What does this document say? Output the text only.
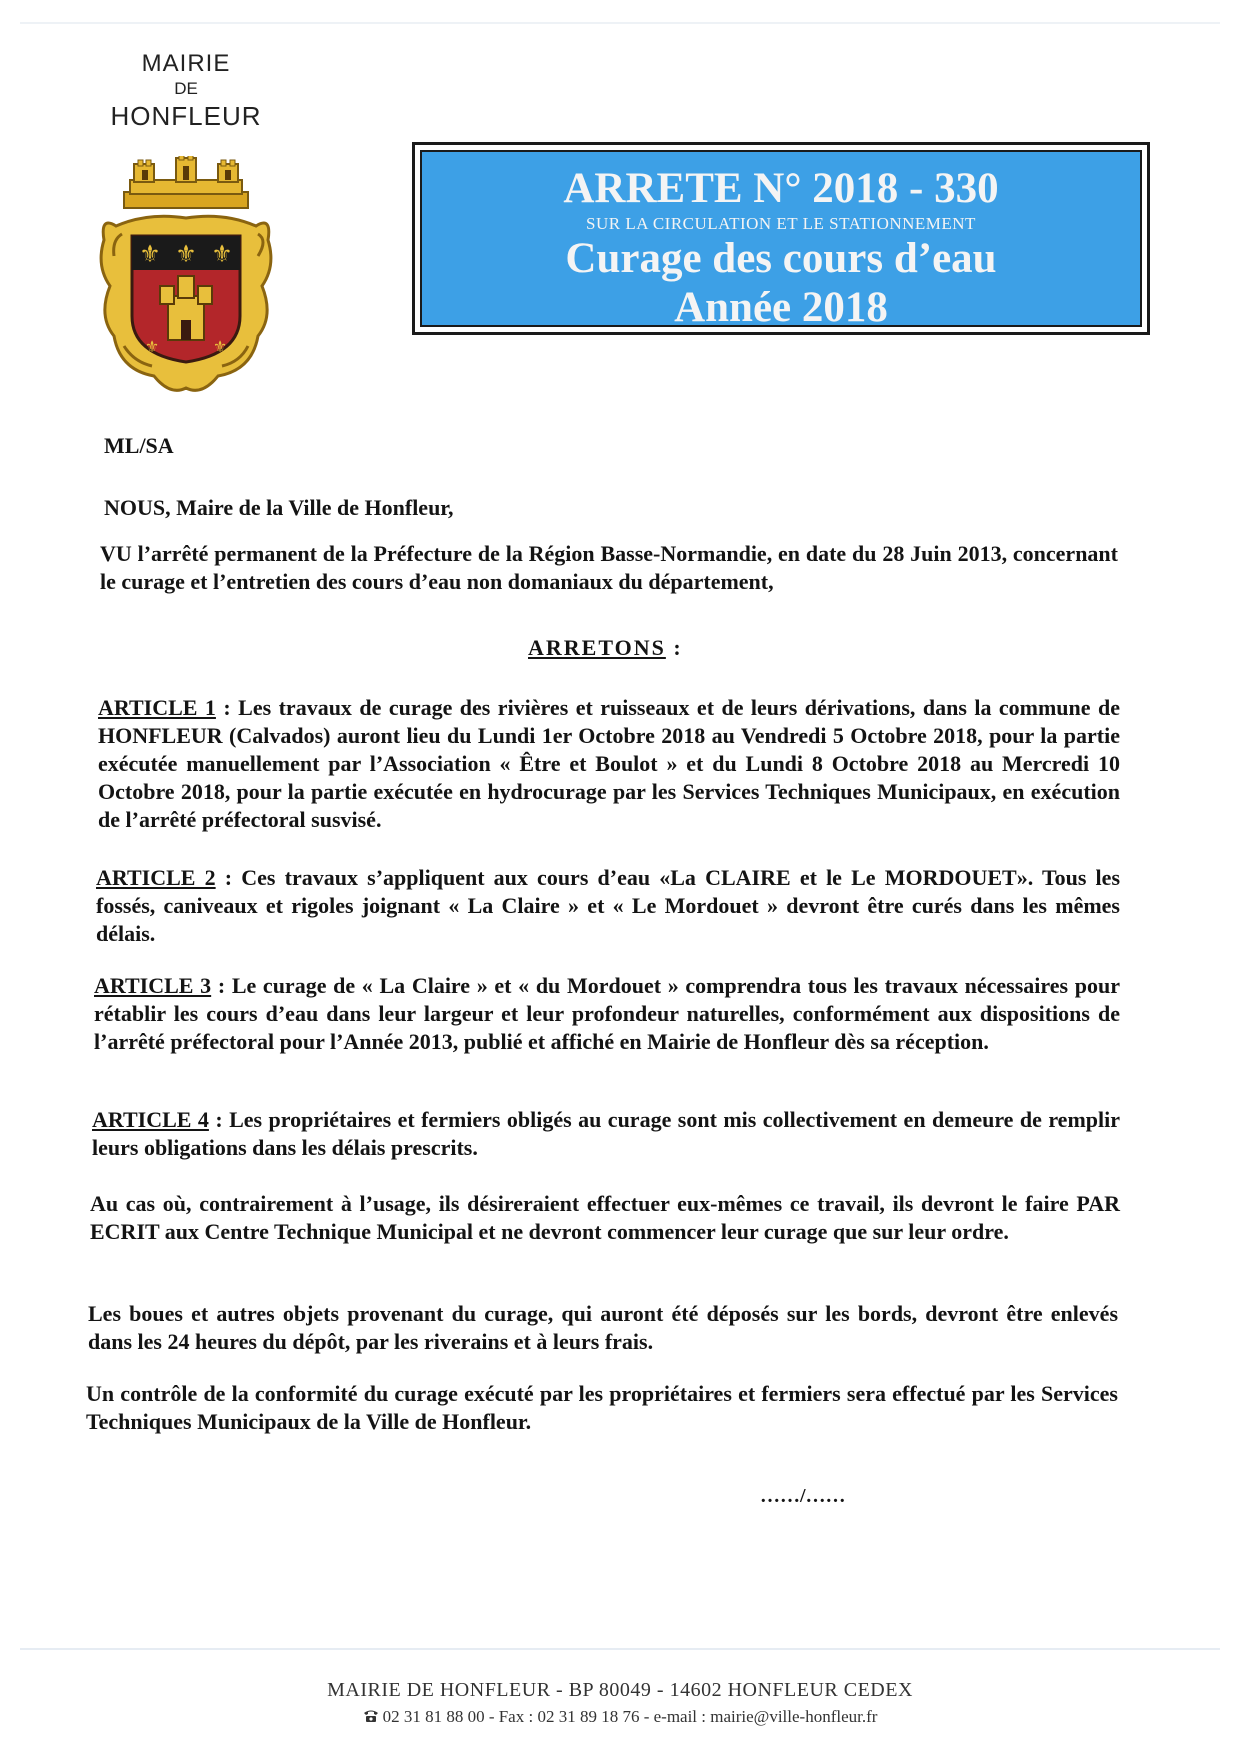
MAIRIE
DE
HONFLEUR
⚜ ⚜ ⚜
⚜	⚜
ARRETE N° 2018 - 330
SUR LA CIRCULATION ET LE STATIONNEMENT
Curage des cours d’eau
Année 2018
ML/SA
NOUS, Maire de la Ville de Honfleur,
VU l’arrêté permanent de la Préfecture de la Région Basse-Normandie, en date du 28 Juin 2013, concernant le curage et l’entretien des cours d’eau non domaniaux du département,
ARRETONS :
ARTICLE 1 : Les travaux de curage des rivières et ruisseaux et de leurs dérivations, dans la commune de HONFLEUR (Calvados) auront lieu du Lundi 1er Octobre 2018 au Vendredi 5 Octobre 2018, pour la partie exécutée manuellement par l’Association « Être et Boulot » et du Lundi 8 Octobre 2018 au Mercredi 10 Octobre 2018, pour la partie exécutée en hydrocurage par les Services Techniques Municipaux, en exécution de l’arrêté préfectoral susvisé.
ARTICLE 2 : Ces travaux s’appliquent aux cours d’eau «La CLAIRE et le Le MORDOUET». Tous les fossés, caniveaux et rigoles joignant « La Claire » et « Le Mordouet » devront être curés dans les mêmes délais.
ARTICLE 3 : Le curage de « La Claire » et « du Mordouet » comprendra tous les travaux nécessaires pour rétablir les cours d’eau dans leur largeur et leur profondeur naturelles, conformément aux dispositions de l’arrêté préfectoral pour l’Année 2013, publié et affiché en Mairie de Honfleur dès sa réception.
ARTICLE 4 : Les propriétaires et fermiers obligés au curage sont mis collectivement en demeure de remplir leurs obligations dans les délais prescrits.
Au cas où, contrairement à l’usage, ils désireraient effectuer eux-mêmes ce travail, ils devront le faire PAR ECRIT aux Centre Technique Municipal et ne devront commencer leur curage que sur leur ordre.
Les boues et autres objets provenant du curage, qui auront été déposés sur les bords, devront être enlevés dans les 24 heures du dépôt, par les riverains et à leurs frais.
Un contrôle de la conformité du curage exécuté par les propriétaires et fermiers sera effectué par les Services Techniques Municipaux de la Ville de Honfleur.
……/……
MAIRIE DE HONFLEUR - BP 80049 - 14602 HONFLEUR CEDEX
02 31 81 88 00 - Fax : 02 31 89 18 76 - e-mail : mairie@ville-honfleur.fr
